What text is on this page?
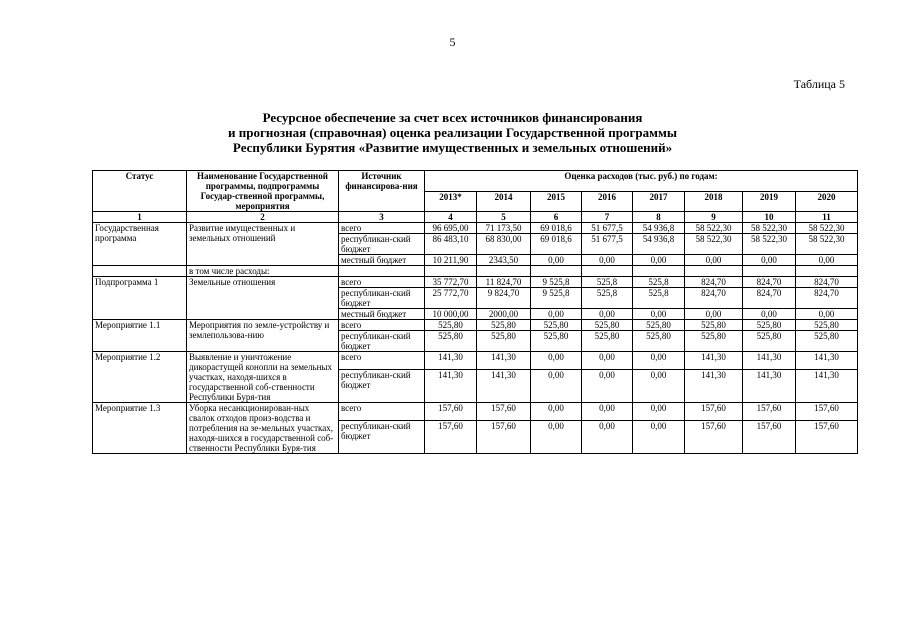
5
Таблица 5
Ресурсное обеспечение за счет всех источников финансирования
и прогнозная (справочная) оценка реализации Государственной программы
Республики Бурятия «Развитие имущественных и земельных отношений»
Статус	Наименование Государственной программы, подпрограммы Государ-ственной программы, мероприятия	Источник финансирова-ния	Оценка расходов (тыс. руб.) по годам:							
			2013*	2014	2015	2016	2017	2018	2019	2020
1	2	3	4	5	6	7	8	9	10	11
Государственная программа	Развитие имущественных и земельных отношений	всего	96 695,00	71 173,50	69 018,6	51 677,5	54 936,8	58 522,30	58 522,30	58 522,30
		республикан-ский бюджет	86 483,10	68 830,00	69 018,6	51 677,5	54 936,8	58 522,30	58 522,30	58 522,30
		местный бюджет	10 211,90	2343,50	0,00	0,00	0,00	0,00	0,00	0,00
	в том числе расходы:									
Подпрограмма 1	Земельные отношения	всего	35 772,70	11 824,70	9 525,8	525,8	525,8	824,70	824,70	824,70
		республикан-ский бюджет	25 772,70	9 824,70	9 525,8	525,8	525,8	824,70	824,70	824,70
		местный бюджет	10 000,00	2000,00	0,00	0,00	0,00	0,00	0,00	0,00
Мероприятие 1.1	Мероприятия по земле-устройству и землепользова-нию	всего	525,80	525,80	525,80	525,80	525,80	525,80	525,80	525,80
		республикан-ский бюджет	525,80	525,80	525,80	525,80	525,80	525,80	525,80	525,80
Мероприятие 1.2	Выявление и уничтожение дикорастущей конопли на земельных участках, находя-шихся в государственной соб-ственности Республики Буря-тия	всего	141,30	141,30	0,00	0,00	0,00	141,30	141,30	141,30
		республикан-ский бюджет	141,30	141,30	0,00	0,00	0,00	141,30	141,30	141,30
Мероприятие 1.3	Уборка несанкционирован-ных свалок отходов произ-водства и потребления на зе-мельных участках, находя-шихся в государственной соб-ственности Республики Буря-тия	всего	157,60	157,60	0,00	0,00	0,00	157,60	157,60	157,60
		республикан-ский бюджет	157,60	157,60	0,00	0,00	0,00	157,60	157,60	157,60
